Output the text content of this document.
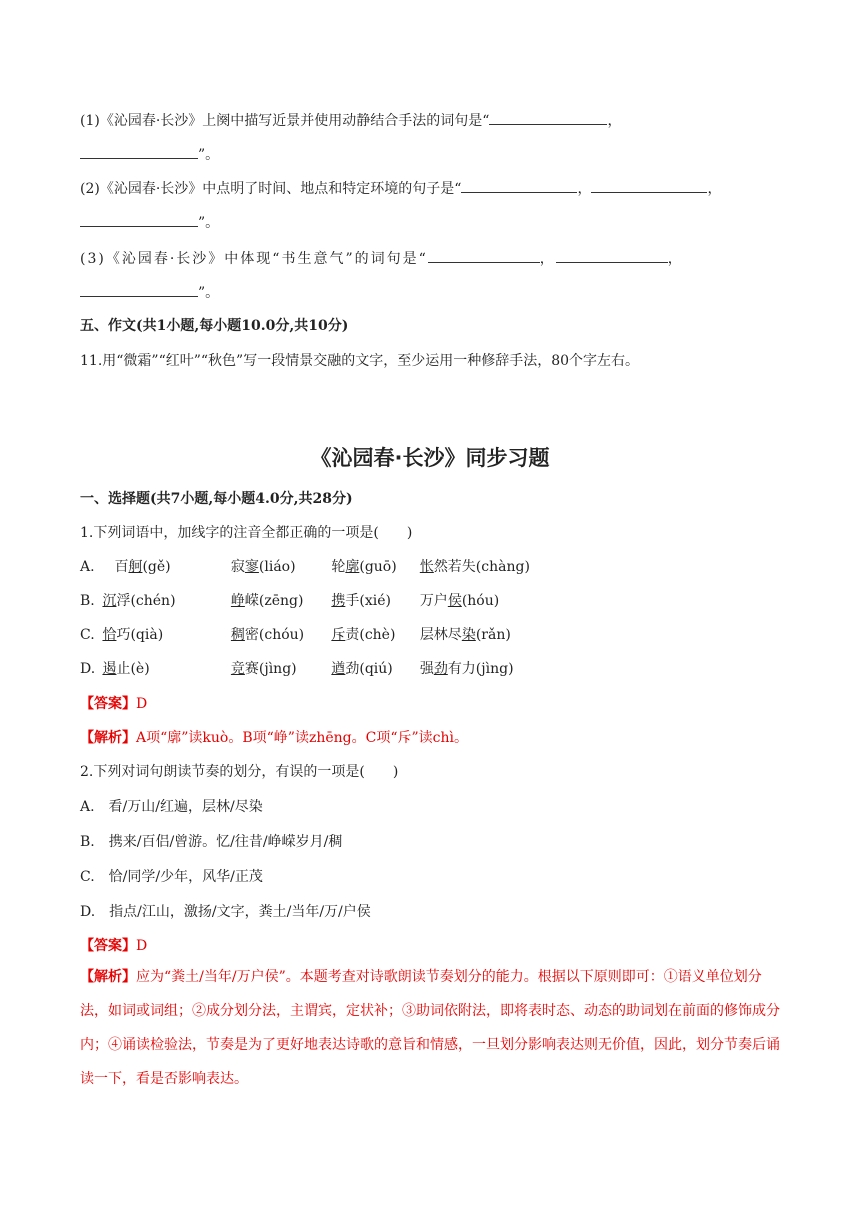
(1)《沁园春·长沙》上阕中描写近景并使用动静结合手法的词句是“	，
”。
(2)《沁园春·长沙》中点明了时间、地点和特定环境的句子是“	，	，
”。
(3)《沁园春·长沙》中体现“书生意气”的词句是“	，	，
”。
五、作文(共1小题,每小题10.0分,共10分)
11.用“微霜”“红叶”“秋色”写一段情景交融的文字，至少运用一种修辞手法，80个字左右。
《沁园春·长沙》同步习题
一、选择题(共7小题,每小题4.0分,共28分)
1.下列词语中，加线字的注音全都正确的一项是(　　)
A.　 百舸(gě)	寂寥(liáo)	轮廓(guō) 怅然若失(chàng)
B. 沉浮(chén)	峥嵘(zēng) 携手(xié) 万户侯(hóu)
C. 恰巧(qià)	稠密(chóu) 斥责(chè) 层林尽染(rǎn)
D. 遏止(è)	竞赛(jìng) 遒劲(qiú) 强劲有力(jìng)
【答案】D
【解析】A项“廓”读kuò。B项“峥”读zhēng。C项“斥”读chì。
2.下列对词句朗读节奏的划分，有误的一项是(　　)
A.　看/万山/红遍，层林/尽染
B.　携来/百侣/曾游。忆/往昔/峥嵘岁月/稠
C.　恰/同学/少年，风华/正茂
D.　指点/江山，激扬/文字，粪土/当年/万/户侯
【答案】D
【解析】应为“粪土/当年/万户侯”。本题考查对诗歌朗读节奏划分的能力。根据以下原则即可：①语义单位划分法，如词或词组；②成分划分法，主谓宾，定状补；③助词依附法，即将表时态、动态的助词划在前面的修饰成分内；④诵读检验法，节奏是为了更好地表达诗歌的意旨和情感，一旦划分影响表达则无价值，因此，划分节奏后诵读一下，看是否影响表达。
